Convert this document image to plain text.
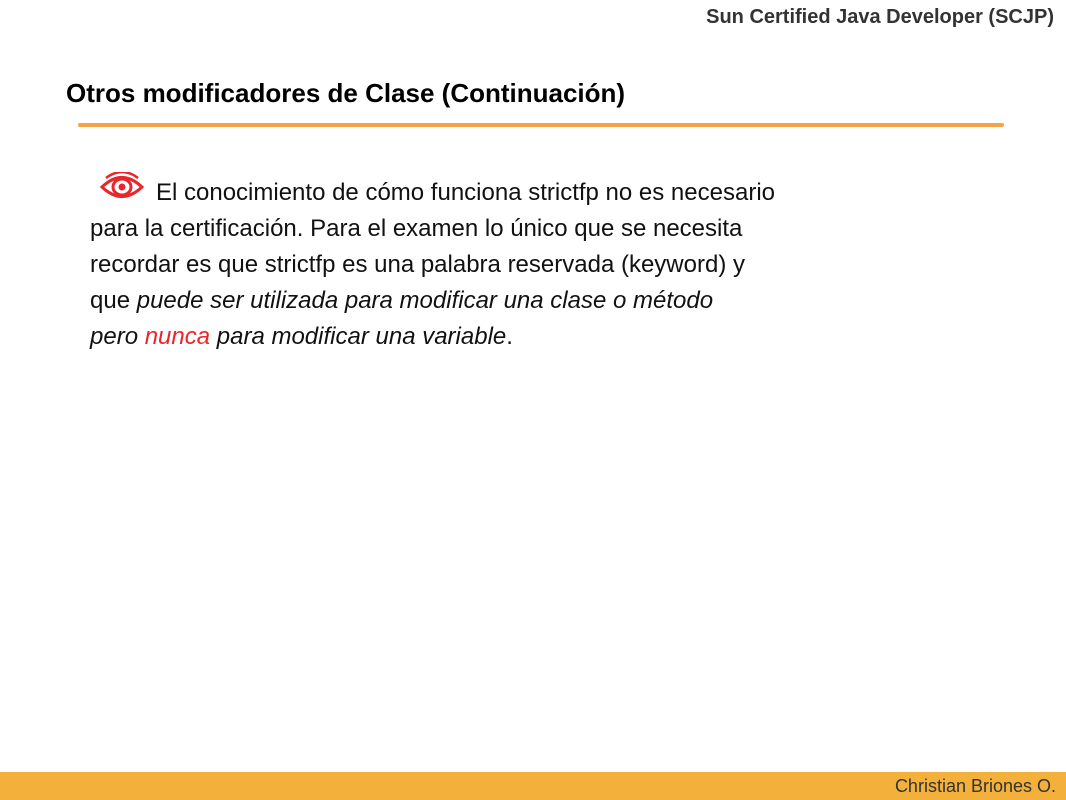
Sun Certified Java Developer (SCJP)
Otros modificadores de Clase (Continuación)
El conocimiento de cómo funciona strictfp no es necesario
para la certificación. Para el examen lo único que se necesita
recordar es que strictfp es una palabra reservada (keyword) y
que puede ser utilizada para modificar una clase o método
pero nunca para modificar una variable.
Christian Briones O.
